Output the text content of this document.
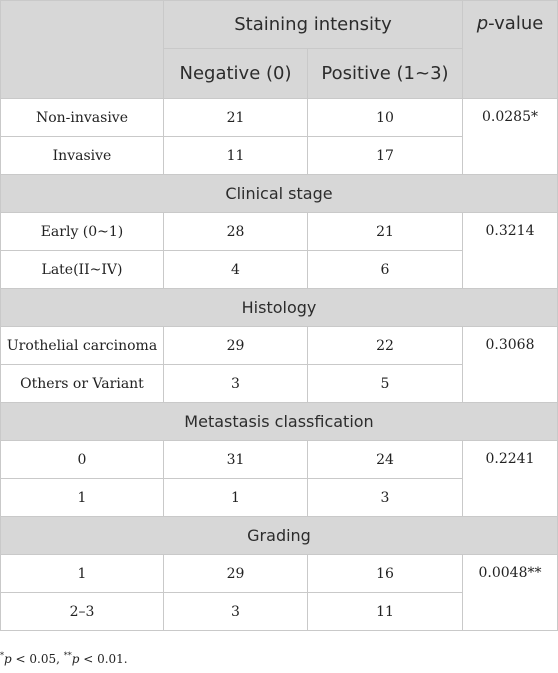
	Staining intensity		p-value
	Negative (0)	Positive (1~3)	
Non-invasive	21	10	0.0285*
Invasive	11	17	
Clinical stage			
Early (0~1)	28	21	0.3214
Late(II~IV)	4	6	
Histology			
Urothelial carcinoma	29	22	0.3068
Others or Variant	3	5	
Metastasis classfication			
0	31	24	0.2241
1	1	3	
Grading			
1	29	16	0.0048**
2–3	3	11	
*p < 0.05, **p < 0.01.
